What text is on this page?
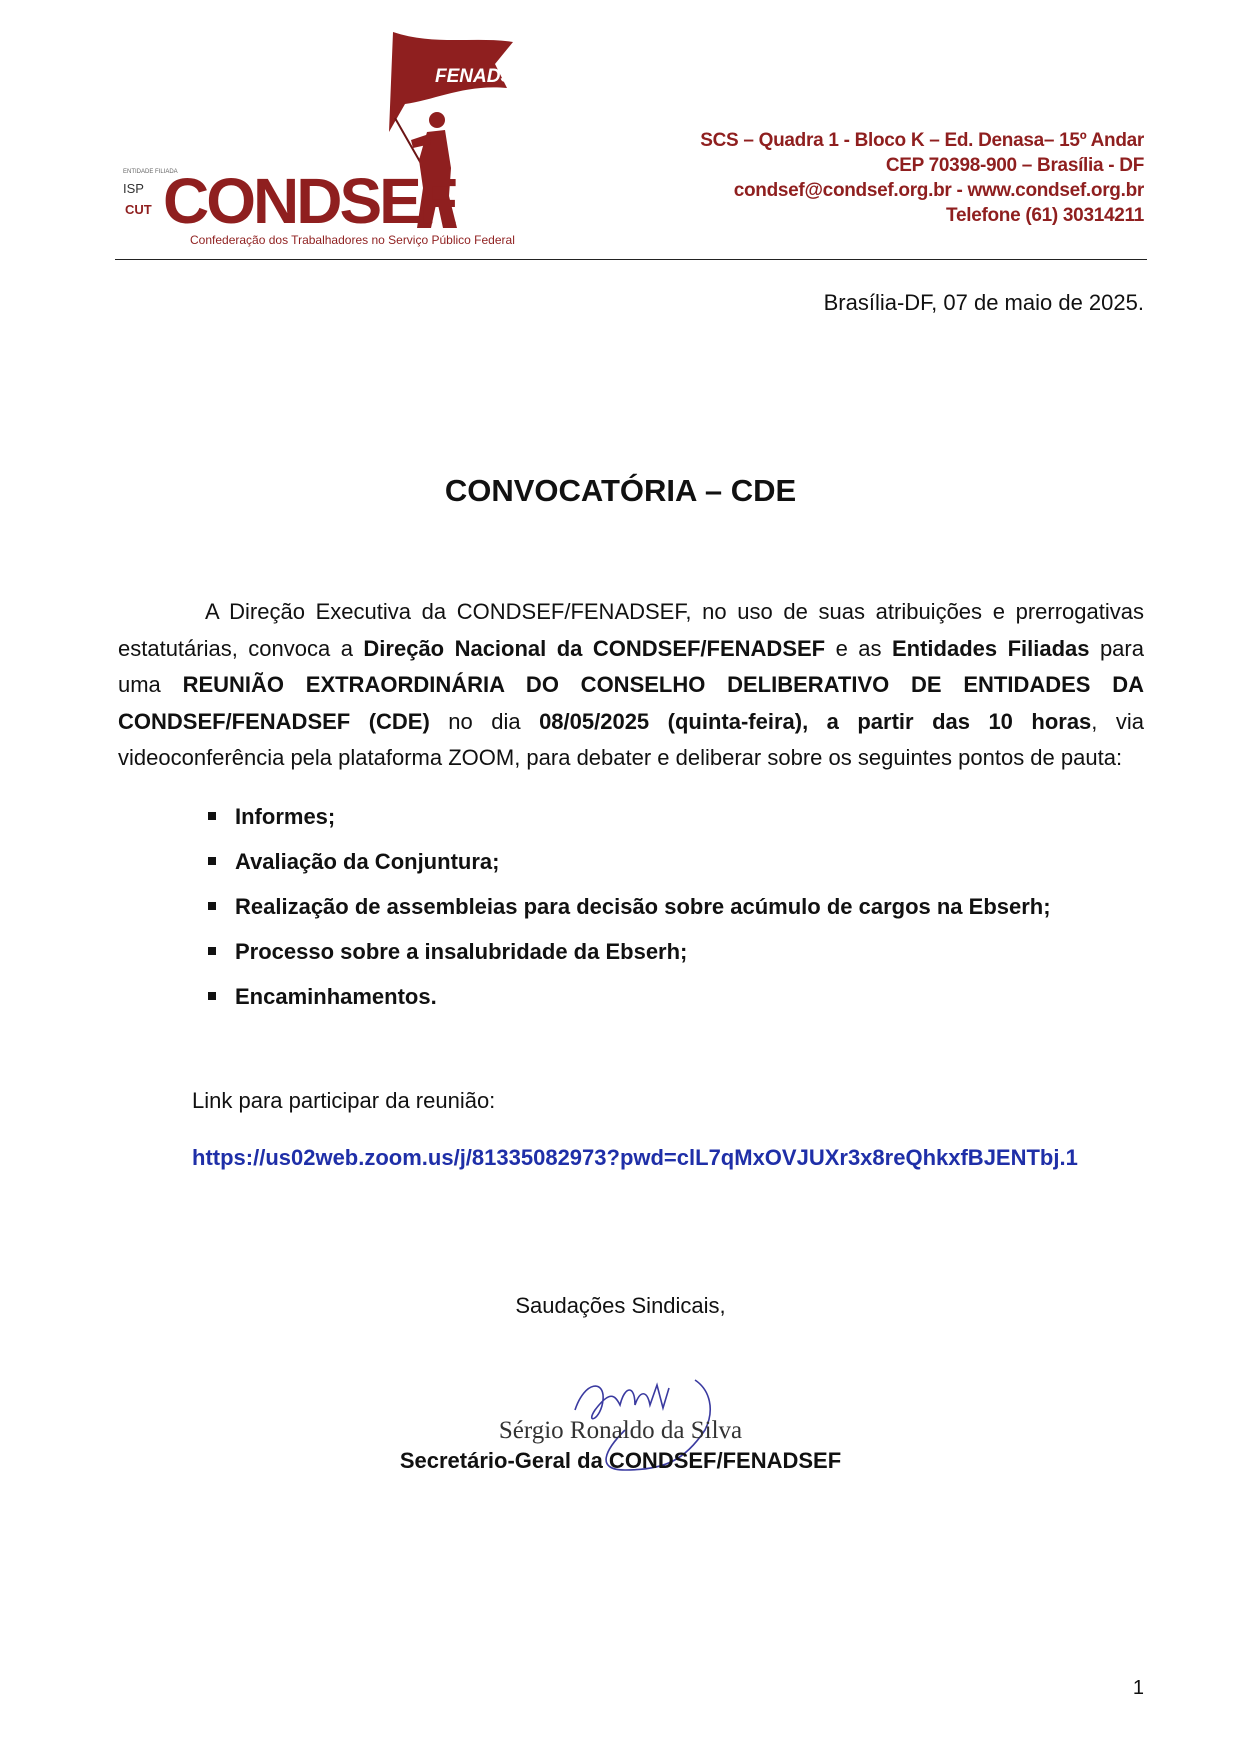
FENADSEF
ENTIDADE FILIADA
ISP
CUT CONDSEF
Confederação dos Trabalhadores no Serviço Público Federal
SCS – Quadra 1 - Bloco K – Ed. Denasa– 15º Andar
CEP 70398-900 – Brasília - DF
condsef@condsef.org.br - www.condsef.org.br
Telefone (61) 30314211
Brasília-DF, 07 de maio de 2025.
CONVOCATÓRIA – CDE

A Direção Executiva da CONDSEF/FENADSEF, no uso de suas atribuições e prerrogativas estatutárias, convoca a Direção Nacional da CONDSEF/FENADSEF e as Entidades Filiadas para uma REUNIÃO EXTRAORDINÁRIA DO CONSELHO DELIBERATIVO DE ENTIDADES DA CONDSEF/FENADSEF (CDE) no dia 08/05/2025 (quinta-feira), a partir das 10 horas, via videoconferência pela plataforma ZOOM, para debater e deliberar sobre os seguintes pontos de pauta:

Informes;
Avaliação da Conjuntura;
Realização de assembleias para decisão sobre acúmulo de cargos na Ebserh;
Processo sobre a insalubridade da Ebserh;
Encaminhamentos.
Link para participar da reunião:
https://us02web.zoom.us/j/81335082973?pwd=clL7qMxOVJUXr3x8reQhkxfBJENTbj.1
Saudações Sindicais,
Sérgio Ronaldo da Silva
Secretário-Geral da CONDSEF/FENADSEF
1
